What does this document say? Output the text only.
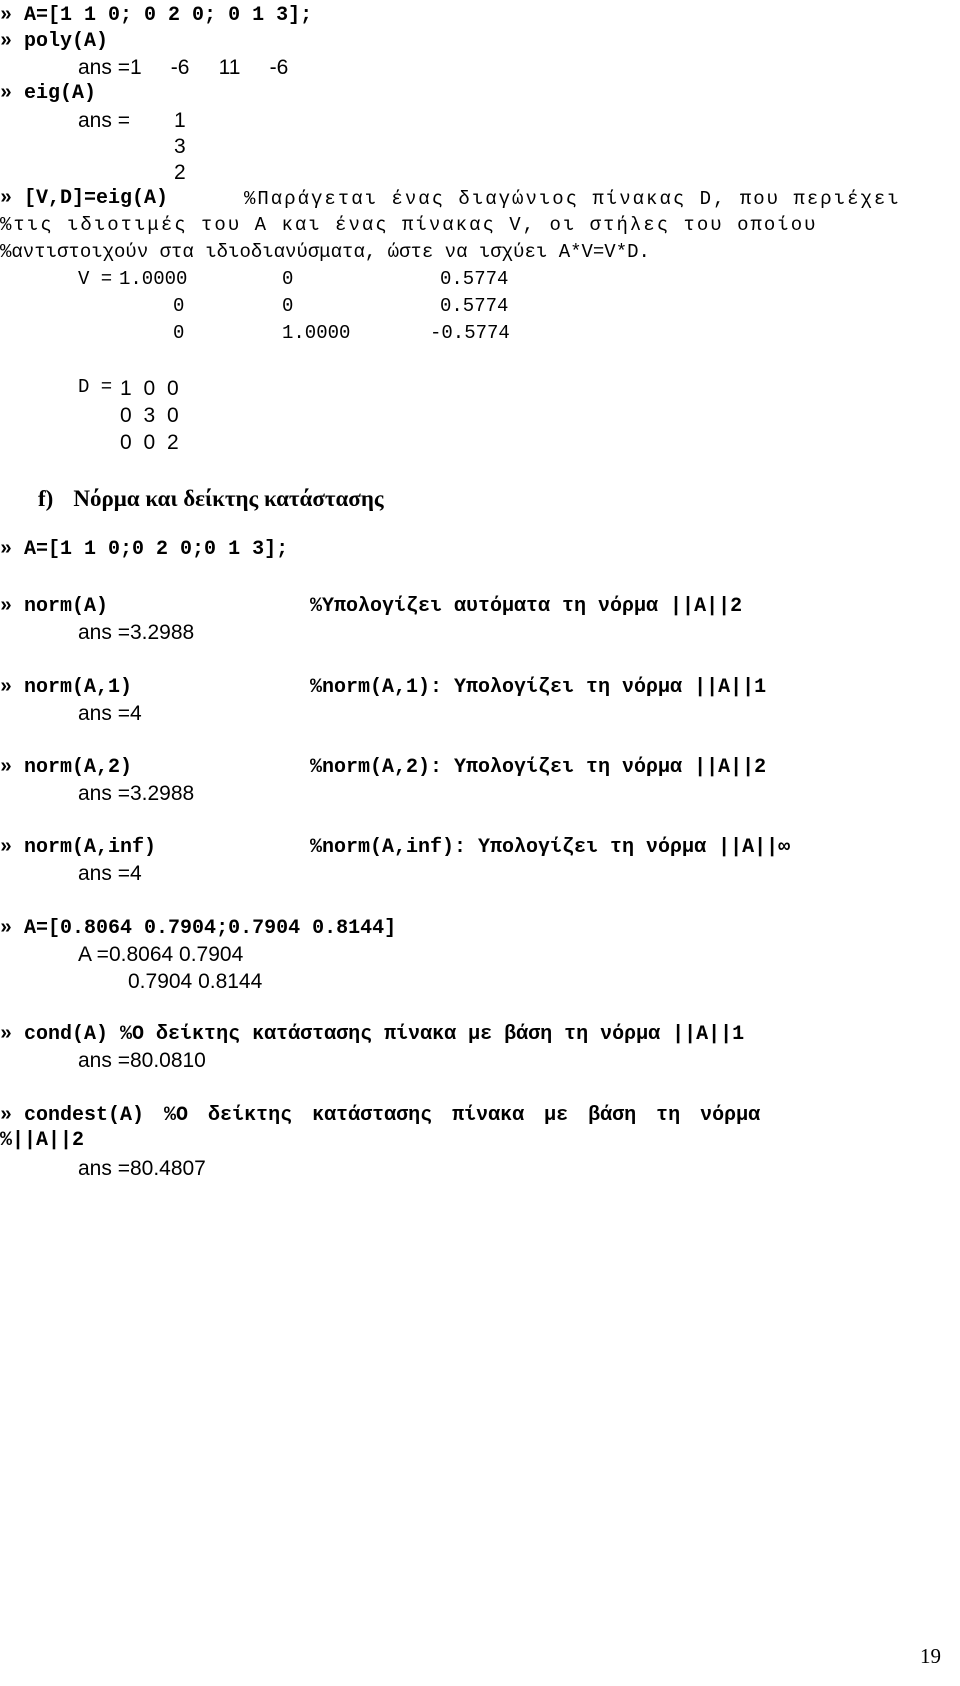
» A=[1 1 0; 0 2 0; 0 1 3];
» poly(A)
ans =1     -6     11     -6
» eig(A)
ans = 1
3
2
» [V,D]=eig(A)	%Παράγεται ένας διαγώνιος πίνακας D, που περιέχει
%τις ιδιοτιμές του A και ένας πίνακας V, οι στήλες του οποίου
%αντιστοιχούν στα ιδιοδιανύσματα, ώστε να ισχύει A*V=V*D.
V = 1.0000	0	0.5774
0	0	0.5774
0	1.0000	-0.5774
D = 1 0 0
0 3 0
0 0 2
f) Νόρμα και δείκτης κατάστασης
» A=[1 1 0;0 2 0;0 1 3];
» norm(A)	%Υπολογίζει αυτόματα τη νόρμα ||A||2
ans =3.2988
» norm(A,1)	%norm(A,1): Υπολογίζει τη νόρμα ||A||1
ans =4
» norm(A,2)	%norm(A,2): Υπολογίζει τη νόρμα ||A||2
ans =3.2988
» norm(A,inf)	%norm(A,inf): Υπολογίζει τη νόρμα ||A||∞
ans =4
» A=[0.8064 0.7904;0.7904 0.8144]
A =0.8064 0.7904
0.7904 0.8144
» cond(A) %Ο δείκτης κατάστασης πίνακα με βάση τη νόρμα ||A||1
ans =80.0810
» condest(A) %Ο δείκτης κατάστασης πίνακα με βάση τη νόρμα
%||A||2
ans =80.4807
19
